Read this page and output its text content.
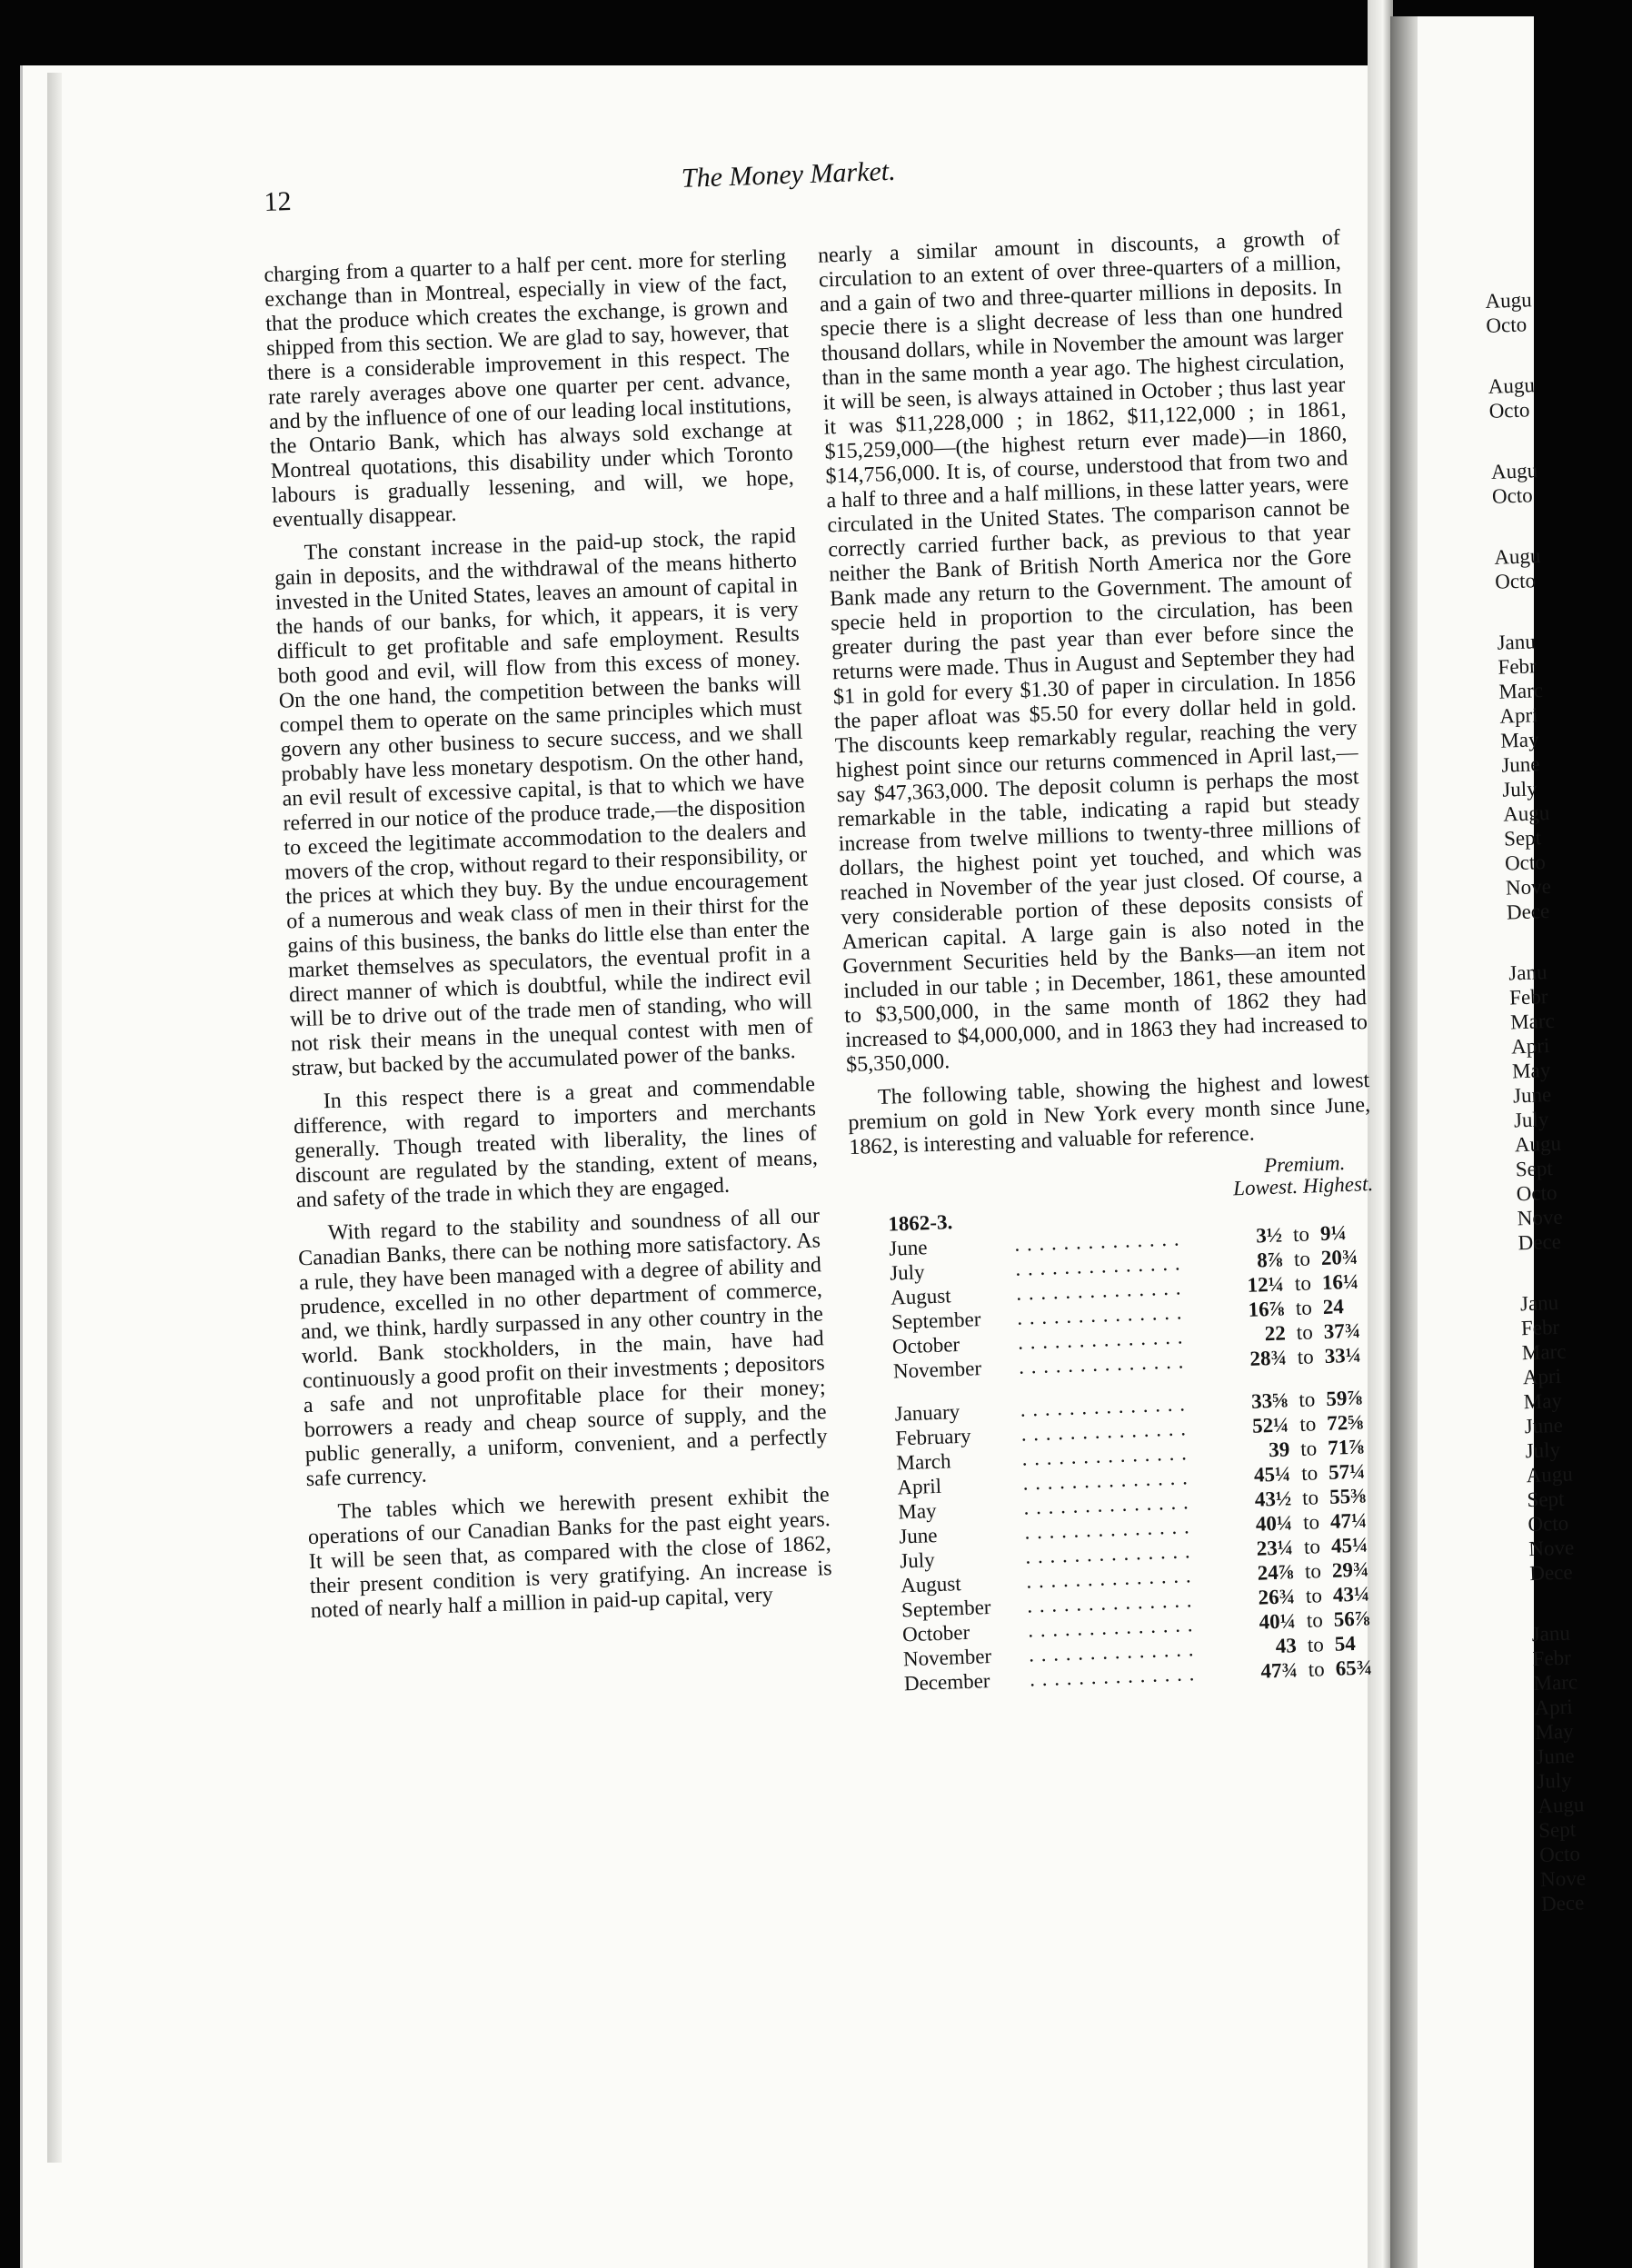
Augu
Octo
Augu
Octo
Augu
Octo
Augu
Octo
Janu
Febr
Marc
Apri
May
June
July
Augu
Sept
Octo
Nove
Dece
Janu
Febr
Marc
Apri
May
June
July
Augu
Sept
Octo
Nove
Dece
Janu
Febr
Marc
Apri
May
June
July
Augu
Sept
Octo
Nove
Dece
Janu
Febr
Marc
Apri
May
June
July
Augu
Sept
Octo
Nove
Dece
12
The Money Market.

charging from a quarter to a half per cent. more for sterling exchange than in Montreal, especially in view of the fact, that the produce which creates the exchange, is grown and shipped from this section. We are glad to say, however, that there is a considerable improvement in this respect. The rate rarely averages above one quarter per cent. advance, and by the influence of one of our leading local institutions, the Ontario Bank, which has always sold exchange at Montreal quotations, this disability under which Toronto labours is gradually lessening, and will, we hope, eventually disappear.

The constant increase in the paid-up stock, the rapid gain in deposits, and the withdrawal of the means hitherto invested in the United States, leaves an amount of capital in the hands of our banks, for which, it appears, it is very difficult to get profitable and safe employment. Results both good and evil, will flow from this excess of money. On the one hand, the competition between the banks will compel them to operate on the same principles which must govern any other business to secure success, and we shall probably have less monetary despotism. On the other hand, an evil result of excessive capital, is that to which we have referred in our notice of the produce trade,—the disposition to exceed the legitimate accommodation to the dealers and movers of the crop, without regard to their responsibility, or the prices at which they buy. By the undue encouragement of a numerous and weak class of men in their thirst for the gains of this business, the banks do little else than enter the market themselves as speculators, the eventual profit in a direct manner of which is doubtful, while the indirect evil will be to drive out of the trade men of standing, who will not risk their means in the unequal contest with men of straw, but backed by the accumulated power of the banks.

In this respect there is a great and commendable difference, with regard to importers and merchants generally. Though treated with liberality, the lines of discount are regulated by the standing, extent of means, and safety of the trade in which they are engaged.

With regard to the stability and soundness of all our Canadian Banks, there can be nothing more satisfactory. As a rule, they have been managed with a degree of ability and prudence, excelled in no other department of commerce, and, we think, hardly surpassed in any other country in the world. Bank stockholders, in the main, have had continuously a good profit on their investments ; depositors a safe and not unprofitable place for their money; borrowers a ready and cheap source of supply, and the public generally, a uniform, convenient, and a perfectly safe currency.

The tables which we herewith present exhibit the operations of our Canadian Banks for the past eight years. It will be seen that, as compared with the close of 1862, their present condition is very gratifying. An increase is noted of nearly half a million in paid-up capital, very

nearly a similar amount in discounts, a growth of circulation to an extent of over three-quarters of a million, and a gain of two and three-quarter millions in deposits. In specie there is a slight decrease of less than one hundred thousand dollars, while in November the amount was larger than in the same month a year ago. The highest circulation, it will be seen, is always attained in October ; thus last year it was $11,228,000 ; in 1862, $11,122,000 ; in 1861, $15,259,000—(the highest return ever made)—in 1860, $14,756,000. It is, of course, understood that from two and a half to three and a half millions, in these latter years, were circulated in the United States. The comparison cannot be correctly carried further back, as previous to that year neither the Bank of British North America nor the Gore Bank made any return to the Government. The amount of specie held in proportion to the circulation, has been greater during the past year than ever before since the returns were made. Thus in August and September they had $1 in gold for every $1.30 of paper in circulation. In 1856 the paper afloat was $5.50 for every dollar held in gold. The discounts keep remarkably regular, reaching the very highest point since our returns commenced in April last,—say $47,363,000. The deposit column is perhaps the most remarkable in the table, indicating a rapid but steady increase from twelve millions to twenty-three millions of dollars, the highest point yet touched, and which was reached in November of the year just closed. Of course, a very considerable portion of these deposits consists of American capital. A large gain is also noted in the Government Securities held by the Banks—an item not included in our table ; in December, 1861, these amounted to $3,500,000, in the same month of 1862 they had increased to $4,000,000, and in 1863 they had increased to $5,350,000.

The following table, showing the highest and lowest premium on gold in New York every month since June, 1862, is interesting and valuable for reference.

Premium.
Lowest. Highest.
1862-3.				
June	. . . . . . . . . . . . . .	3½	to	9¼
July	. . . . . . . . . . . . . .	8⅞	to	20¾
August	. . . . . . . . . . . . . .	12¼	to	16¼
September	. . . . . . . . . . . . . .	16⅞	to	24
October	. . . . . . . . . . . . . .	22	to	37¾
November	. . . . . . . . . . . . . .	28¾	to	33¼

January	. . . . . . . . . . . . . .	33⅝	to	59⅞
February	. . . . . . . . . . . . . .	52¼	to	72⅝
March	. . . . . . . . . . . . . .	39	to	71⅞
April	. . . . . . . . . . . . . .	45¼	to	57¼
May	. . . . . . . . . . . . . .	43½	to	55⅜
June	. . . . . . . . . . . . . .	40¼	to	47¼
July	. . . . . . . . . . . . . .	23¼	to	45¼
August	. . . . . . . . . . . . . .	24⅞	to	29¾
September	. . . . . . . . . . . . . .	26¾	to	43¼
October	. . . . . . . . . . . . . .	40¼	to	56⅞
November	. . . . . . . . . . . . . .	43	to	54
December	. . . . . . . . . . . . . .	47¾	to	65¾
